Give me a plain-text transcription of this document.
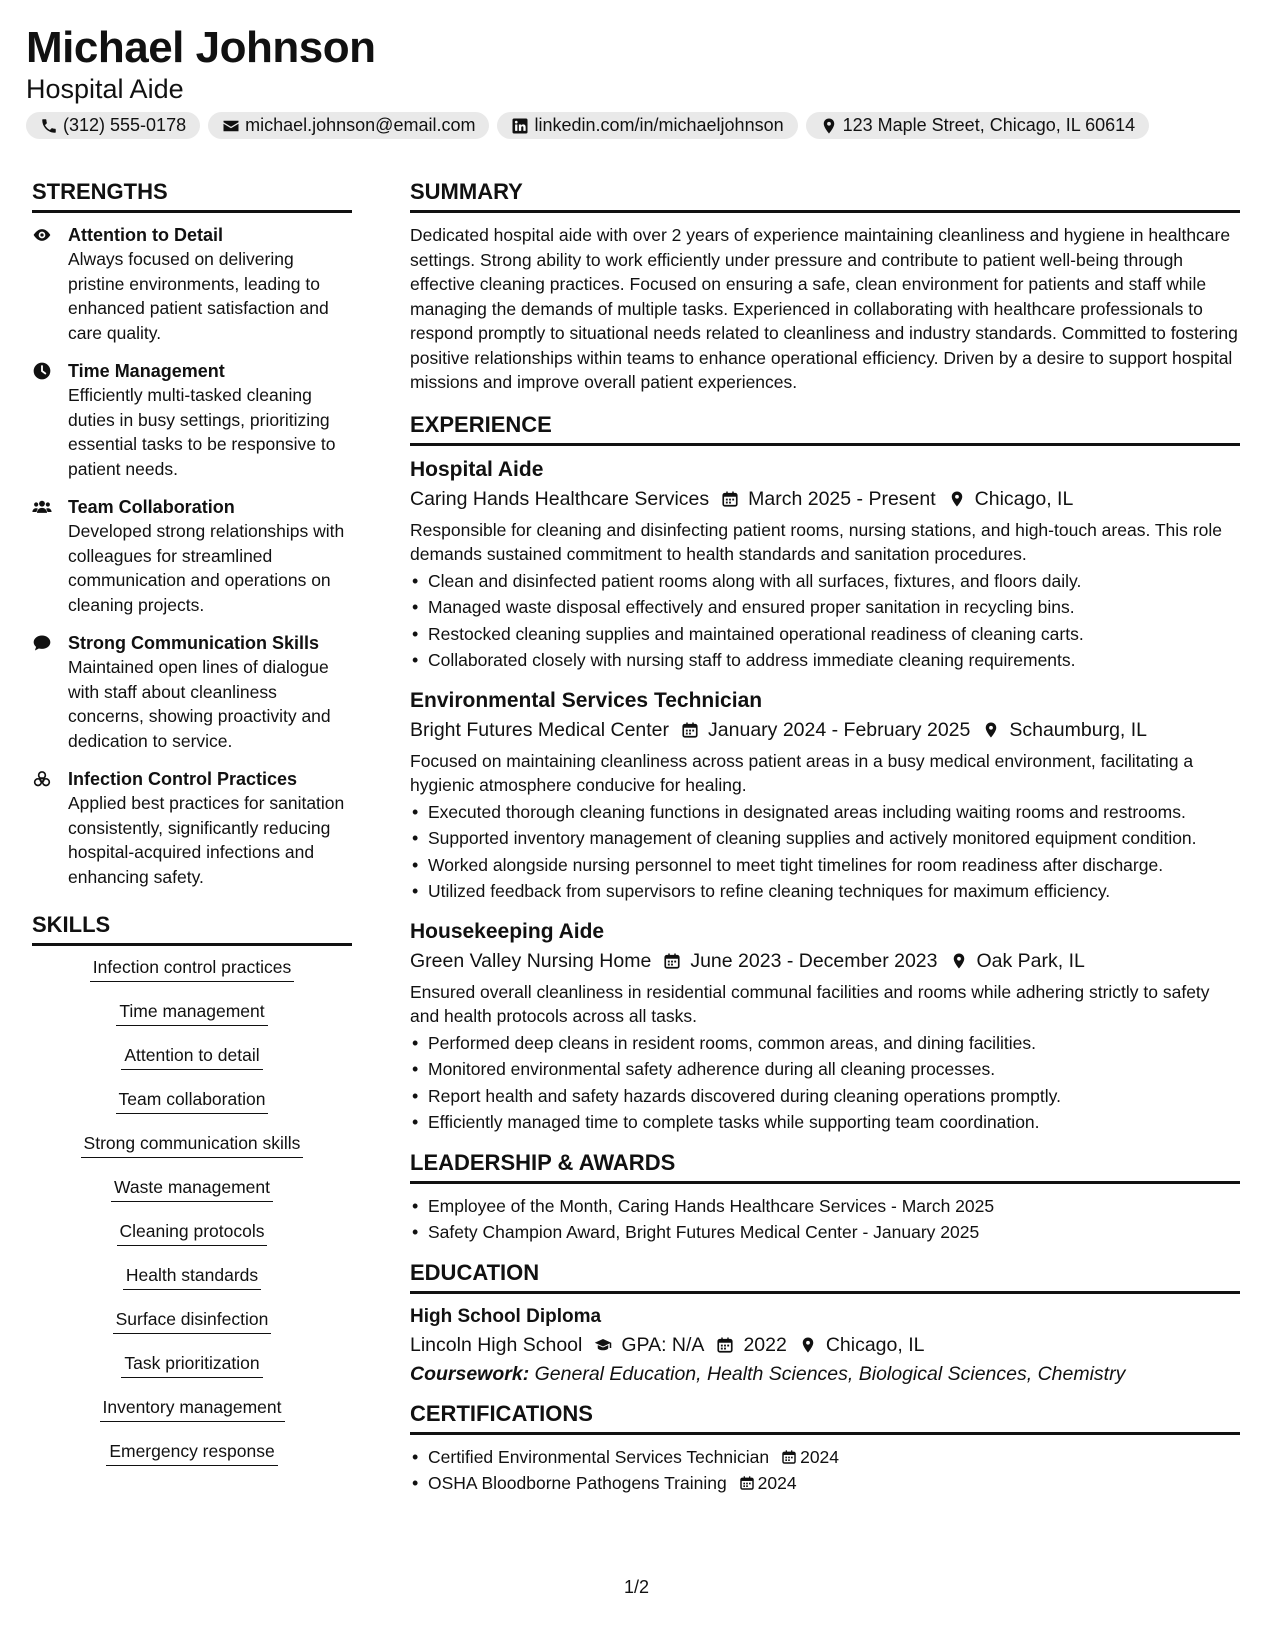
Michael Johnson
Hospital Aide
(312) 555-0178	michael.johnson@email.com	linkedin.com/in/michaeljohnson	123 Maple Street, Chicago, IL 60614
STRENGTHS
Attention to Detail
Always focused on delivering pristine environments, leading to enhanced patient satisfaction and care quality.
Time Management
Efficiently multi-tasked cleaning duties in busy settings, prioritizing essential tasks to be responsive to patient needs.
Team Collaboration
Developed strong relationships with colleagues for streamlined communication and operations on cleaning projects.
Strong Communication Skills
Maintained open lines of dialogue with staff about cleanliness concerns, showing proactivity and dedication to service.
Infection Control Practices
Applied best practices for sanitation consistently, significantly reducing hospital-acquired infections and enhancing safety.
SKILLS
Infection control practices
Time management
Attention to detail
Team collaboration
Strong communication skills
Waste management
Cleaning protocols
Health standards
Surface disinfection
Task prioritization
Inventory management
Emergency response
SUMMARY
Dedicated hospital aide with over 2 years of experience maintaining cleanliness and hygiene in healthcare settings. Strong ability to work efficiently under pressure and contribute to patient well-being through effective cleaning practices. Focused on ensuring a safe, clean environment for patients and staff while managing the demands of multiple tasks. Experienced in collaborating with healthcare professionals to respond promptly to situational needs related to cleanliness and industry standards. Committed to fostering positive relationships within teams to enhance operational efficiency. Driven by a desire to support hospital missions and improve overall patient experiences.
EXPERIENCE
Hospital Aide
Caring Hands Healthcare Services March 2025 - Present Chicago, IL
Responsible for cleaning and disinfecting patient rooms, nursing stations, and high-touch areas. This role demands sustained commitment to health standards and sanitation procedures.
• Clean and disinfected patient rooms along with all surfaces, fixtures, and floors daily.
• Managed waste disposal effectively and ensured proper sanitation in recycling bins.
• Restocked cleaning supplies and maintained operational readiness of cleaning carts.
• Collaborated closely with nursing staff to address immediate cleaning requirements.
Environmental Services Technician
Bright Futures Medical Center January 2024 - February 2025 Schaumburg, IL
Focused on maintaining cleanliness across patient areas in a busy medical environment, facilitating a hygienic atmosphere conducive for healing.
• Executed thorough cleaning functions in designated areas including waiting rooms and restrooms.
• Supported inventory management of cleaning supplies and actively monitored equipment condition.
• Worked alongside nursing personnel to meet tight timelines for room readiness after discharge.
• Utilized feedback from supervisors to refine cleaning techniques for maximum efficiency.
Housekeeping Aide
Green Valley Nursing Home June 2023 - December 2023 Oak Park, IL
Ensured overall cleanliness in residential communal facilities and rooms while adhering strictly to safety and health protocols across all tasks.
• Performed deep cleans in resident rooms, common areas, and dining facilities.
• Monitored environmental safety adherence during all cleaning processes.
• Report health and safety hazards discovered during cleaning operations promptly.
• Efficiently managed time to complete tasks while supporting team coordination.
LEADERSHIP & AWARDS
• Employee of the Month, Caring Hands Healthcare Services - March 2025
• Safety Champion Award, Bright Futures Medical Center - January 2025
EDUCATION
High School Diploma
Lincoln High School GPA: N/A 2022 Chicago, IL
Coursework: General Education, Health Sciences, Biological Sciences, Chemistry
CERTIFICATIONS
• Certified Environmental Services Technician 2024
• OSHA Bloodborne Pathogens Training 2024
1/2
